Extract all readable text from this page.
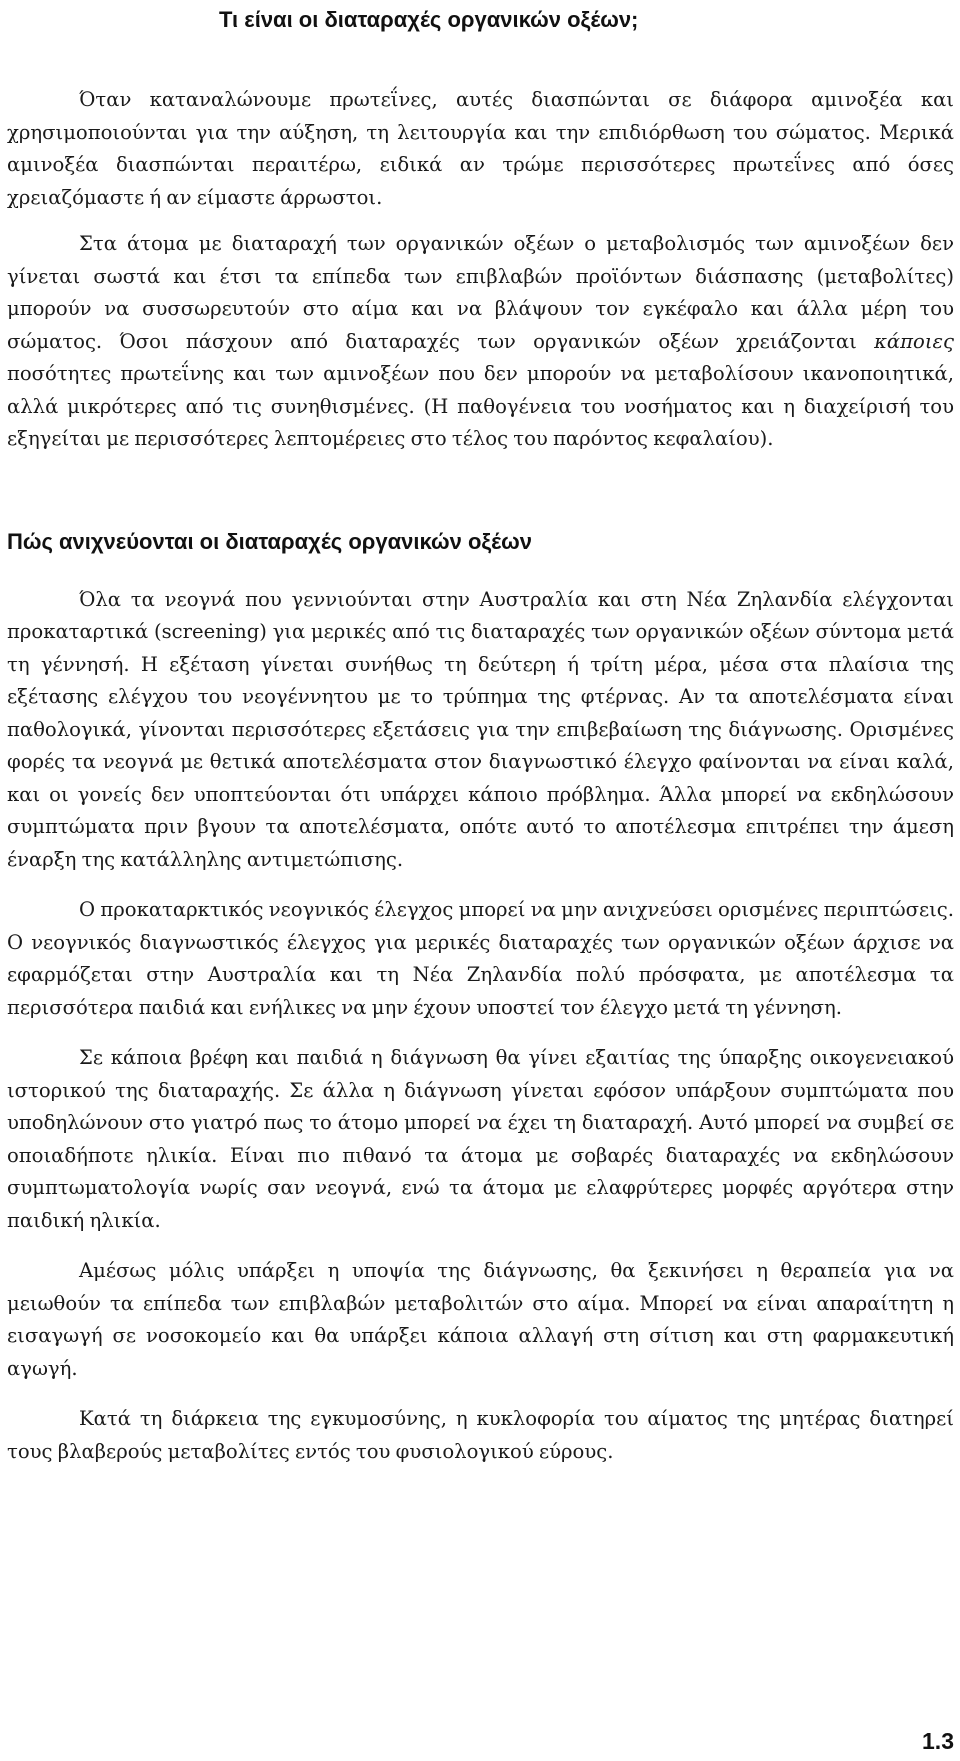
Τι είναι οι διαταραχές οργανικών οξέων;

Όταν καταναλώνουμε πρωτεΐνες, αυτές διασπώνται σε διάφορα αμινοξέα και χρησιμοποιούνται για την αύξηση, τη λειτουργία και την επιδιόρθωση του σώματος. Μερικά αμινοξέα διασπώνται περαιτέρω, ειδικά αν τρώμε περισσότερες πρωτεΐνες από όσες χρειαζόμαστε ή αν είμαστε άρρωστοι.

Στα άτομα με διαταραχή των οργανικών οξέων ο μεταβολισμός των αμινοξέων δεν γίνεται σωστά και έτσι τα επίπεδα των επιβλαβών προϊόντων διάσπασης (μεταβολίτες) μπορούν να συσσωρευτούν στο αίμα και να βλάψουν τον εγκέφαλο και άλλα μέρη του σώματος. Όσοι πάσχουν από διαταραχές των οργανικών οξέων χρειάζονται κάποιες ποσότητες πρωτεΐνης και των αμινοξέων που δεν μπορούν να μεταβολίσουν ικανοποιητικά, αλλά μικρότερες από τις συνηθισμένες. (Η παθογένεια του νοσήματος και η διαχείρισή του εξηγείται με περισσότερες λεπτομέρειες στο τέλος του παρόντος κεφαλαίου).

Πώς ανιχνεύονται οι διαταραχές οργανικών οξέων

Όλα τα νεογνά που γεννιούνται στην Αυστραλία και στη Νέα Ζηλανδία ελέγχονται προκαταρτικά (screening) για μερικές από τις διαταραχές των οργανικών οξέων σύντομα μετά τη γέννησή. Η εξέταση γίνεται συνήθως τη δεύτερη ή τρίτη μέρα, μέσα στα πλαίσια της εξέτασης ελέγχου του νεογέννητου με το τρύπημα της φτέρνας. Αν τα αποτελέσματα είναι παθολογικά, γίνονται περισσότερες εξετάσεις για την επιβεβαίωση της διάγνωσης. Ορισμένες φορές τα νεογνά με θετικά αποτελέσματα στον διαγνωστικό έλεγχο φαίνονται να είναι καλά, και οι γονείς δεν υποπτεύονται ότι υπάρχει κάποιο πρόβλημα. Άλλα μπορεί να εκδηλώσουν συμπτώματα πριν βγουν τα αποτελέσματα, οπότε αυτό το αποτέλεσμα επιτρέπει την άμεση έναρξη της κατάλληλης αντιμετώπισης.

Ο προκαταρκτικός νεογνικός έλεγχος μπορεί να μην ανιχνεύσει ορισμένες περιπτώσεις. Ο νεογνικός διαγνωστικός έλεγχος για μερικές διαταραχές των οργανικών οξέων άρχισε να εφαρμόζεται στην Αυστραλία και τη Νέα Ζηλανδία πολύ πρόσφατα, με αποτέλεσμα τα περισσότερα παιδιά και ενήλικες να μην έχουν υποστεί τον έλεγχο μετά τη γέννηση.

Σε κάποια βρέφη και παιδιά η διάγνωση θα γίνει εξαιτίας της ύπαρξης οικογενειακού ιστορικού της διαταραχής. Σε άλλα η διάγνωση γίνεται εφόσον υπάρξουν συμπτώματα που υποδηλώνουν στο γιατρό πως το άτομο μπορεί να έχει τη διαταραχή. Αυτό μπορεί να συμβεί σε οποιαδήποτε ηλικία. Είναι πιο πιθανό τα άτομα με σοβαρές διαταραχές να εκδηλώσουν συμπτωματολογία νωρίς σαν νεογνά, ενώ τα άτομα με ελαφρύτερες μορφές αργότερα στην παιδική ηλικία.

Αμέσως μόλις υπάρξει η υποψία της διάγνωσης, θα ξεκινήσει η θεραπεία για να μειωθούν τα επίπεδα των επιβλαβών μεταβολιτών στο αίμα. Μπορεί να είναι απαραίτητη η εισαγωγή σε νοσοκομείο και θα υπάρξει κάποια αλλαγή στη σίτιση και στη φαρμακευτική αγωγή.

Κατά τη διάρκεια της εγκυμοσύνης, η κυκλοφορία του αίματος της μητέρας διατηρεί τους βλαβερούς μεταβολίτες εντός του φυσιολογικού εύρους.

1.3
